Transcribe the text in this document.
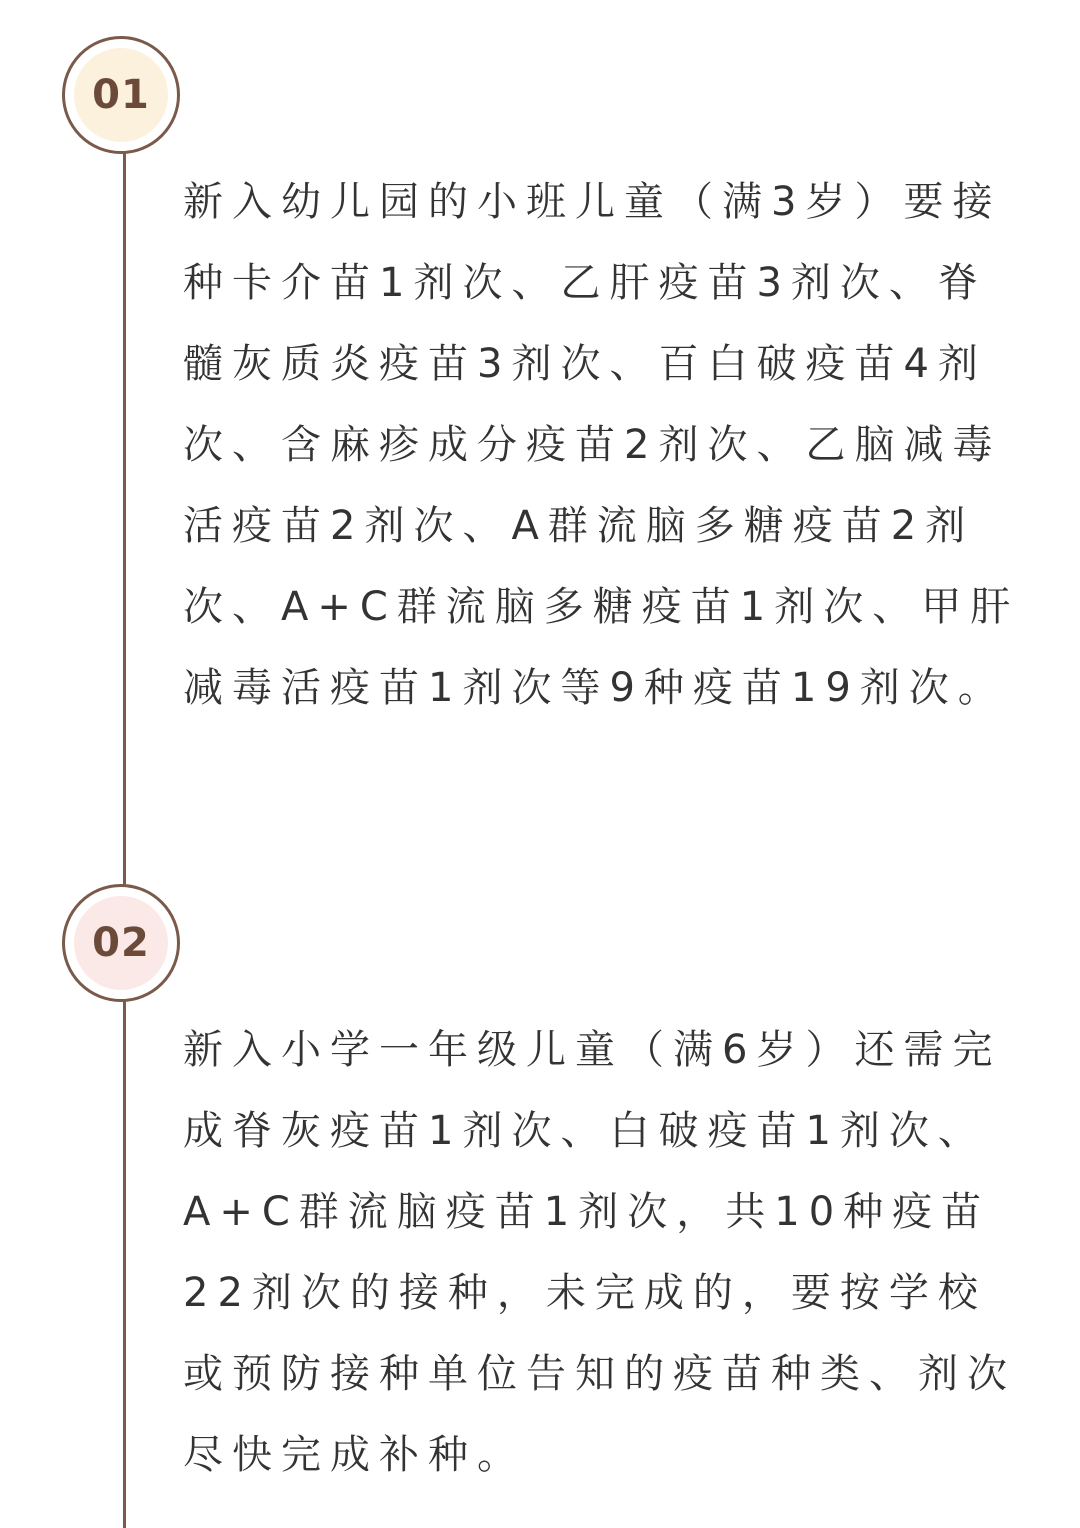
01

新入幼儿园的小班儿童（满3岁）要接种卡介苗1剂次、乙肝疫苗3剂次、脊髓灰质炎疫苗3剂次、百白破疫苗4剂次、含麻疹成分疫苗2剂次、乙脑减毒活疫苗2剂次、A群流脑多糖疫苗2剂次、A+C群流脑多糖疫苗1剂次、甲肝减毒活疫苗1剂次等9种疫苗19剂次。

02

新入小学一年级儿童（满6岁）还需完成脊灰疫苗1剂次、白破疫苗1剂次、A+C群流脑疫苗1剂次，共10种疫苗22剂次的接种，未完成的，要按学校或预防接种单位告知的疫苗种类、剂次尽快完成补种。
